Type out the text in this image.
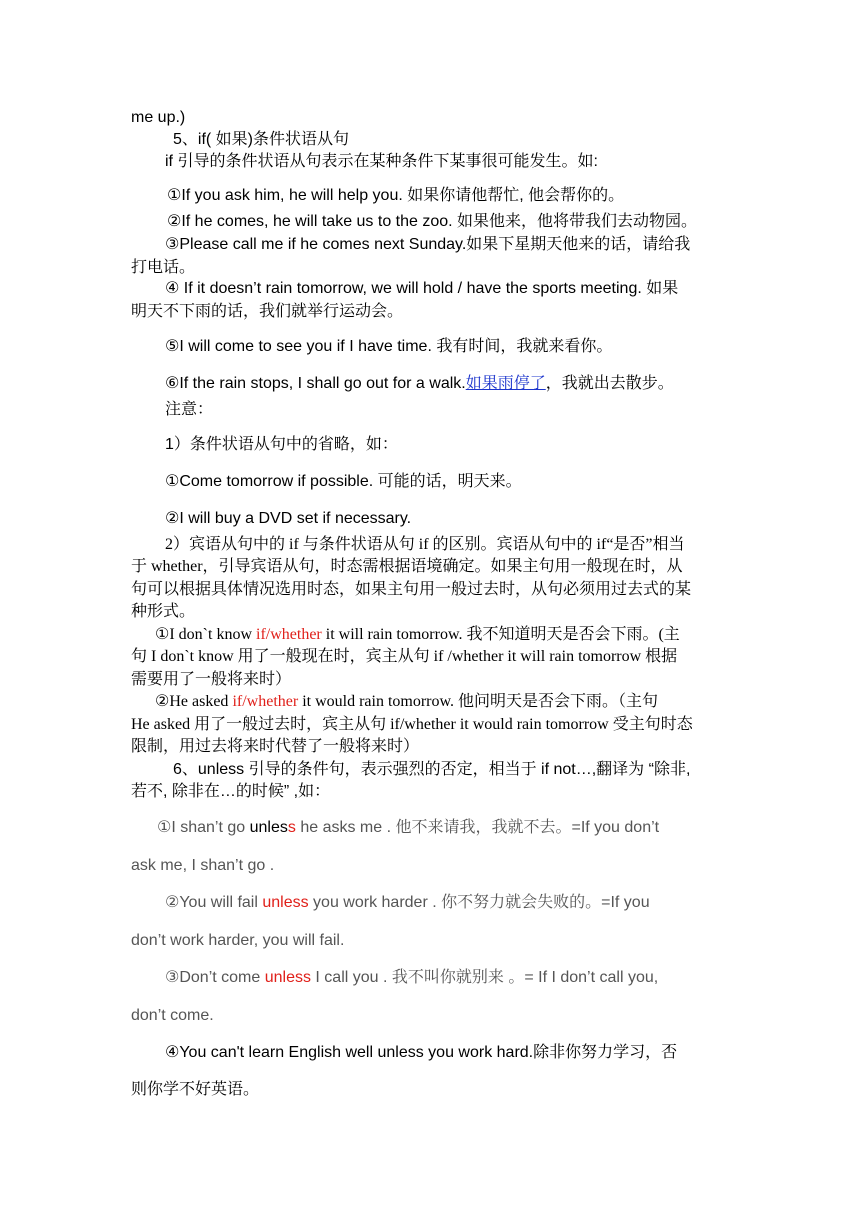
me up.)
5、if( 如果)条件状语从句
if 引导的条件状语从句表示在某种条件下某事很可能发生。如:
①If you ask him, he will help you. 如果你请他帮忙, 他会帮你的。
②If he comes, he will take us to the zoo. 如果他来，他将带我们去动物园。
③Please call me if he comes next Sunday.如果下星期天他来的话，请给我
打电话。
④ If it doesn’t rain tomorrow, we will hold / have the sports meeting. 如果
明天不下雨的话，我们就举行运动会。
⑤I will come to see you if I have time. 我有时间，我就来看你。
⑥If the rain stops, I shall go out for a walk.如果雨停了，我就出去散步。
注意：
1）条件状语从句中的省略，如：
①Come tomorrow if possible. 可能的话，明天来。
②I will buy a DVD set if necessary.
2）宾语从句中的 if 与条件状语从句 if 的区别。宾语从句中的 if“是否”相当
于 whether，引导宾语从句，时态需根据语境确定。如果主句用一般现在时，从
句可以根据具体情况选用时态，如果主句用一般过去时，从句必须用过去式的某
种形式。
①I don`t know if/whether it will rain tomorrow. 我不知道明天是否会下雨。(主
句 I don`t know 用了一般现在时，宾主从句 if /whether it will rain tomorrow 根据
需要用了一般将来时）
②He asked if/whether it would rain tomorrow. 他问明天是否会下雨。（主句
He asked 用了一般过去时，宾主从句 if/whether it would rain tomorrow 受主句时态
限制，用过去将来时代替了一般将来时）
6、unless 引导的条件句，表示强烈的否定，相当于 if not…,翻译为 “除非,
若不, 除非在…的时候” ,如：
①I shan’t go unless he asks me . 他不来请我，我就不去。=If you don’t
ask me, I shan’t go .
②You will fail unless you work harder . 你不努力就会失败的。=If you
don’t work harder, you will fail.
③Don’t come unless I call you . 我不叫你就别来 。= If I don’t call you,
don’t come.
④You can't learn English well unless you work hard.除非你努力学习，否
则你学不好英语。
